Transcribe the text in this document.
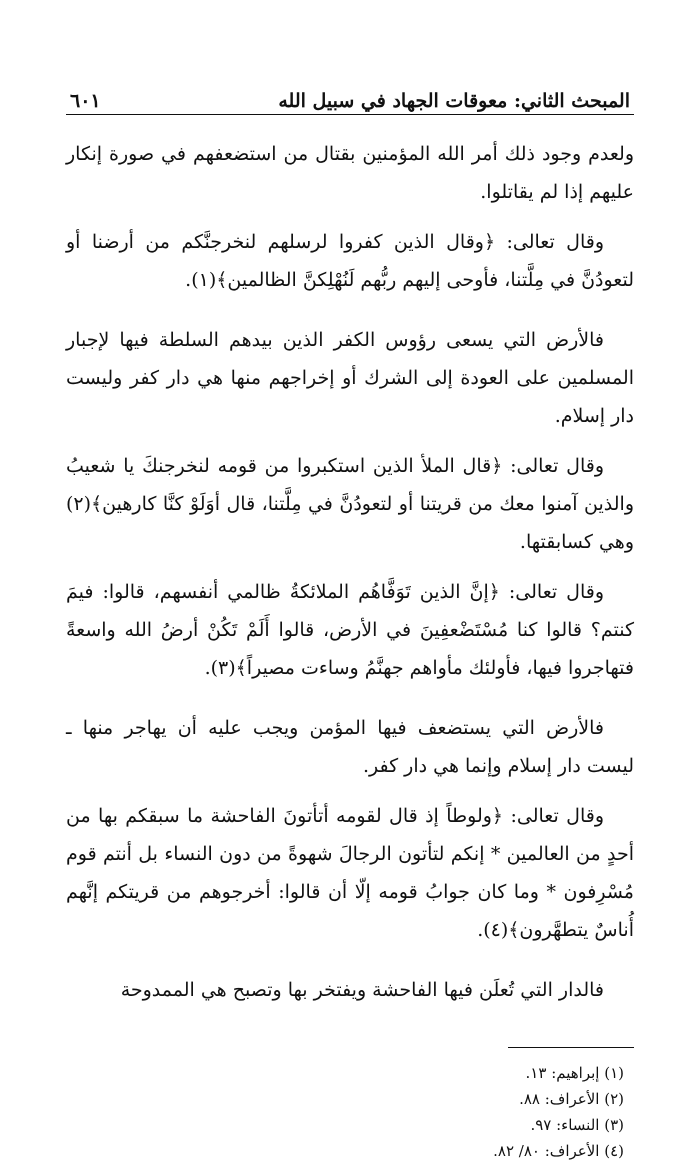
المبحث الثاني: معوقات الجهاد في سبيل الله
٦٠١

ولعدم وجود ذلك أمر الله المؤمنين بقتال من استضعفهم في صورة إنكار عليهم إذا لم يقاتلوا.

وقال تعالى: ﴿وقال الذين كفروا لرسلهم لنخرجنَّكم من أرضنا أو لتعودُنَّ في مِلَّتنا، فأوحى إليهم ربُّهم لَنُهْلِكنَّ الظالمين﴾(١).

فالأرض التي يسعى رؤوس الكفر الذين بيدهم السلطة فيها لإجبار المسلمين على العودة إلى الشرك أو إخراجهم منها هي دار كفر وليست دار إسلام.

وقال تعالى: ﴿قال الملأ الذين استكبروا من قومه لنخرجنكَ يا شعيبُ والذين آمنوا معك من قريتنا أو لتعودُنَّ في مِلَّتنا، قال أوَلَوْ كنَّا كارهين﴾(٢) وهي كسابقتها.

وقال تعالى: ﴿إنَّ الذين تَوَفَّاهُم الملائكةُ ظالمي أنفسهم، قالوا: فيمَ كنتم؟ قالوا كنا مُسْتَضْعفِينَ في الأرض، قالوا أَلَمْ تَكُنْ أرضُ الله واسعةً فتهاجروا فيها، فأولئك مأواهم جهنَّمُ وساءت مصيراً﴾(٣).

فالأرض التي يستضعف فيها المؤمن ويجب عليه أن يهاجر منها ـ ليست دار إسلام وإنما هي دار كفر.

وقال تعالى: ﴿ولوطاً إذ قال لقومه أتأتونَ الفاحشة ما سبقكم بها من أحدٍ من العالمين * إنكم لتأتون الرجالَ شهوةً من دون النساء بل أنتم قوم مُسْرِفون * وما كان جوابُ قومه إلّا أن قالوا: أخرجوهم من قريتكم إنَّهم أُناسٌ يتطهَّرون﴾(٤).

فالدار التي تُعلَن فيها الفاحشة ويفتخر بها وتصبح هي الممدوحة

(١) إبراهيم: ١٣.
(٢) الأعراف: ٨٨.
(٣) النساء: ٩٧.
(٤) الأعراف: ٨٠/ ٨٢.
